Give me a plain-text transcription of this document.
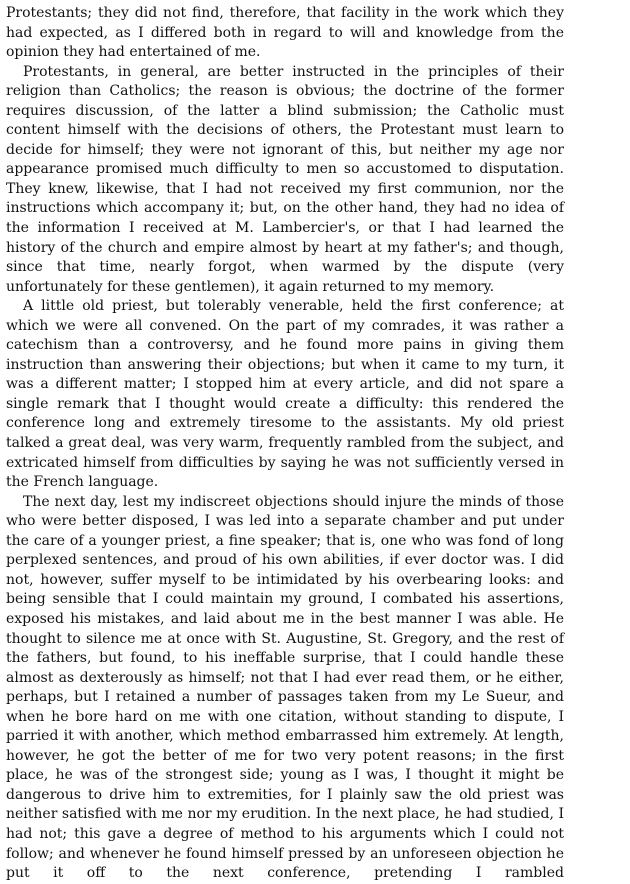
Protestants; they did not find, therefore, that facility in the work which they had expected, as I differed both in regard to will and knowledge from the opinion they had entertained of me.

Protestants, in general, are better instructed in the principles of their religion than Catholics; the reason is obvious; the doctrine of the former requires discussion, of the latter a blind submission; the Catholic must content himself with the decisions of others, the Protestant must learn to decide for himself; they were not ignorant of this, but neither my age nor appearance promised much difficulty to men so accustomed to disputation. They knew, likewise, that I had not received my first communion, nor the instructions which accompany it; but, on the other hand, they had no idea of the information I received at M. Lambercier's, or that I had learned the history of the church and empire almost by heart at my father's; and though, since that time, nearly forgot, when warmed by the dispute (very unfortunately for these gentlemen), it again returned to my memory.

A little old priest, but tolerably venerable, held the first conference; at which we were all convened. On the part of my comrades, it was rather a catechism than a controversy, and he found more pains in giving them instruction than answering their objections; but when it came to my turn, it was a different matter; I stopped him at every article, and did not spare a single remark that I thought would create a difficulty: this rendered the conference long and extremely tiresome to the assistants. My old priest talked a great deal, was very warm, frequently rambled from the subject, and extricated himself from difficulties by saying he was not sufficiently versed in the French language.

The next day, lest my indiscreet objections should injure the minds of those who were better disposed, I was led into a separate chamber and put under the care of a younger priest, a fine speaker; that is, one who was fond of long perplexed sentences, and proud of his own abilities, if ever doctor was. I did not, however, suffer myself to be intimidated by his overbearing looks: and being sensible that I could maintain my ground, I combated his assertions, exposed his mistakes, and laid about me in the best manner I was able. He thought to silence me at once with St. Augustine, St. Gregory, and the rest of the fathers, but found, to his ineffable surprise, that I could handle these almost as dexterously as himself; not that I had ever read them, or he either, perhaps, but I retained a number of passages taken from my Le Sueur, and when he bore hard on me with one citation, without standing to dispute, I parried it with another, which method embarrassed him extremely. At length, however, he got the better of me for two very potent reasons; in the first place, he was of the strongest side; young as I was, I thought it might be dangerous to drive him to extremities, for I plainly saw the old priest was neither satisfied with me nor my erudition. In the next place, he had studied, I had not; this gave a degree of method to his arguments which I could not follow; and whenever he found himself pressed by an unforeseen objection he put it off to the next conference, pretending I rambled
